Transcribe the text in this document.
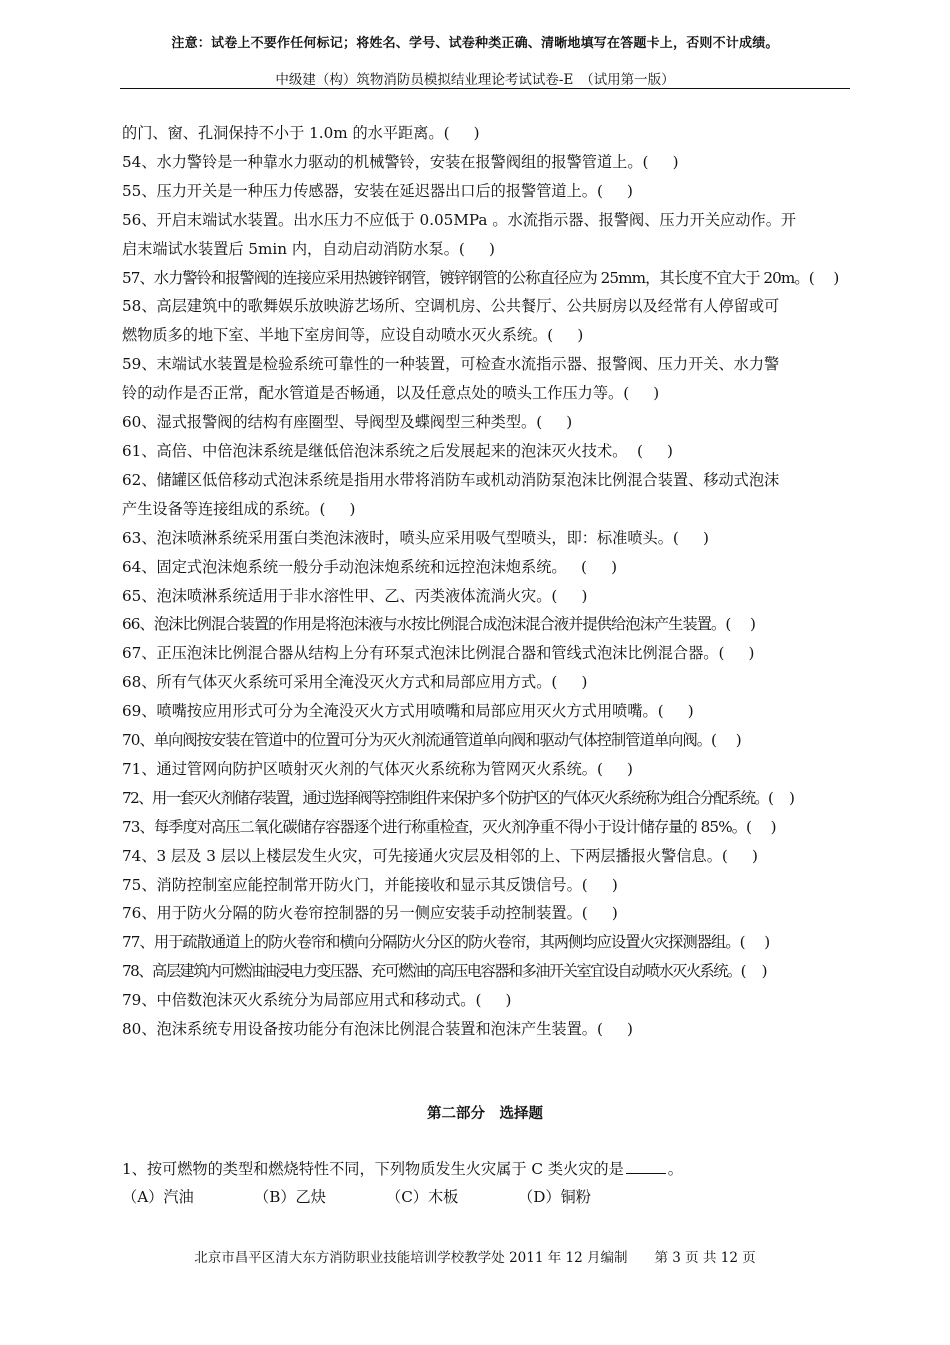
注意：试卷上不要作任何标记；将姓名、学号、试卷种类正确、清晰地填写在答题卡上，否则不计成绩。
中级建（构）筑物消防员模拟结业理论考试试卷-E　（试用第一版）
的门、窗、孔洞保持不小于 1.0m 的水平距离。(     )
54、水力警铃是一种靠水力驱动的机械警铃，安装在报警阀组的报警管道上。(     )
55、压力开关是一种压力传感器，安装在延迟器出口后的报警管道上。(     )
56、开启末端试水装置。出水压力不应低于 0.05MPa 。水流指示器、报警阀、压力开关应动作。开
启末端试水装置后 5min 内，自动启动消防水泵。(     )
57、水力警铃和报警阀的连接应采用热镀锌钢管，镀锌钢管的公称直径应为 25mm，其长度不宜大于 20m。(     )
58、高层建筑中的歌舞娱乐放映游艺场所、空调机房、公共餐厅、公共厨房以及经常有人停留或可
燃物质多的地下室、半地下室房间等，应设自动喷水灭火系统。(     )
59、末端试水装置是检验系统可靠性的一种装置，可检查水流指示器、报警阀、压力开关、水力警
铃的动作是否正常，配水管道是否畅通，以及任意点处的喷头工作压力等。(     )
60、湿式报警阀的结构有座圈型、导阀型及蝶阀型三种类型。(     )
61、高倍、中倍泡沫系统是继低倍泡沫系统之后发展起来的泡沫灭火技术。  (     )
62、储罐区低倍移动式泡沫系统是指用水带将消防车或机动消防泵泡沫比例混合装置、移动式泡沫
产生设备等连接组成的系统。(     )
63、泡沫喷淋系统采用蛋白类泡沫液时，喷头应采用吸气型喷头，即：标准喷头。(     )
64、固定式泡沫炮系统一般分手动泡沫炮系统和远控泡沫炮系统。   (     )
65、泡沫喷淋系统适用于非水溶性甲、乙、丙类液体流淌火灾。(     )
66、泡沫比例混合装置的作用是将泡沫液与水按比例混合成泡沫混合液并提供给泡沫产生装置。(     )
67、正压泡沫比例混合器从结构上分有环泵式泡沫比例混合器和管线式泡沫比例混合器。(     )
68、所有气体灭火系统可采用全淹没灭火方式和局部应用方式。(     )
69、喷嘴按应用形式可分为全淹没灭火方式用喷嘴和局部应用灭火方式用喷嘴。(     )
70、单向阀按安装在管道中的位置可分为灭火剂流通管道单向阀和驱动气体控制管道单向阀。(     )
71、通过管网向防护区喷射灭火剂的气体灭火系统称为管网灭火系统。(     )
72、用一套灭火剂储存装置，通过选择阀等控制组件来保护多个防护区的气体灭火系统称为组合分配系统。(     )
73、每季度对高压二氧化碳储存容器逐个进行称重检查，灭火剂净重不得小于设计储存量的 85%。(     )
74、3 层及 3 层以上楼层发生火灾，可先接通火灾层及相邻的上、下两层播报火警信息。(     )
75、消防控制室应能控制常开防火门，并能接收和显示其反馈信号。(     )
76、用于防火分隔的防火卷帘控制器的另一侧应安装手动控制装置。(     )
77、用于疏散通道上的防火卷帘和横向分隔防火分区的防火卷帘，其两侧均应设置火灾探测器组。(     )
78、高层建筑内可燃油油浸电力变压器、充可燃油的高压电容器和多油开关室宜设自动喷水灭火系统。(     )
79、中倍数泡沫灭火系统分为局部应用式和移动式。(     )
80、泡沫系统专用设备按功能分有泡沫比例混合装置和泡沫产生装置。(     )
第二部分　选择题
1、按可燃物的类型和燃烧特性不同，下列物质发生火灾属于 C 类火灾的是	。
（A）汽油	（B）乙炔	（C）木板	（D）铜粉
北京市昌平区清大东方消防职业技能培训学校教学处 2011 年 12 月编制　　第 3 页 共 12 页
